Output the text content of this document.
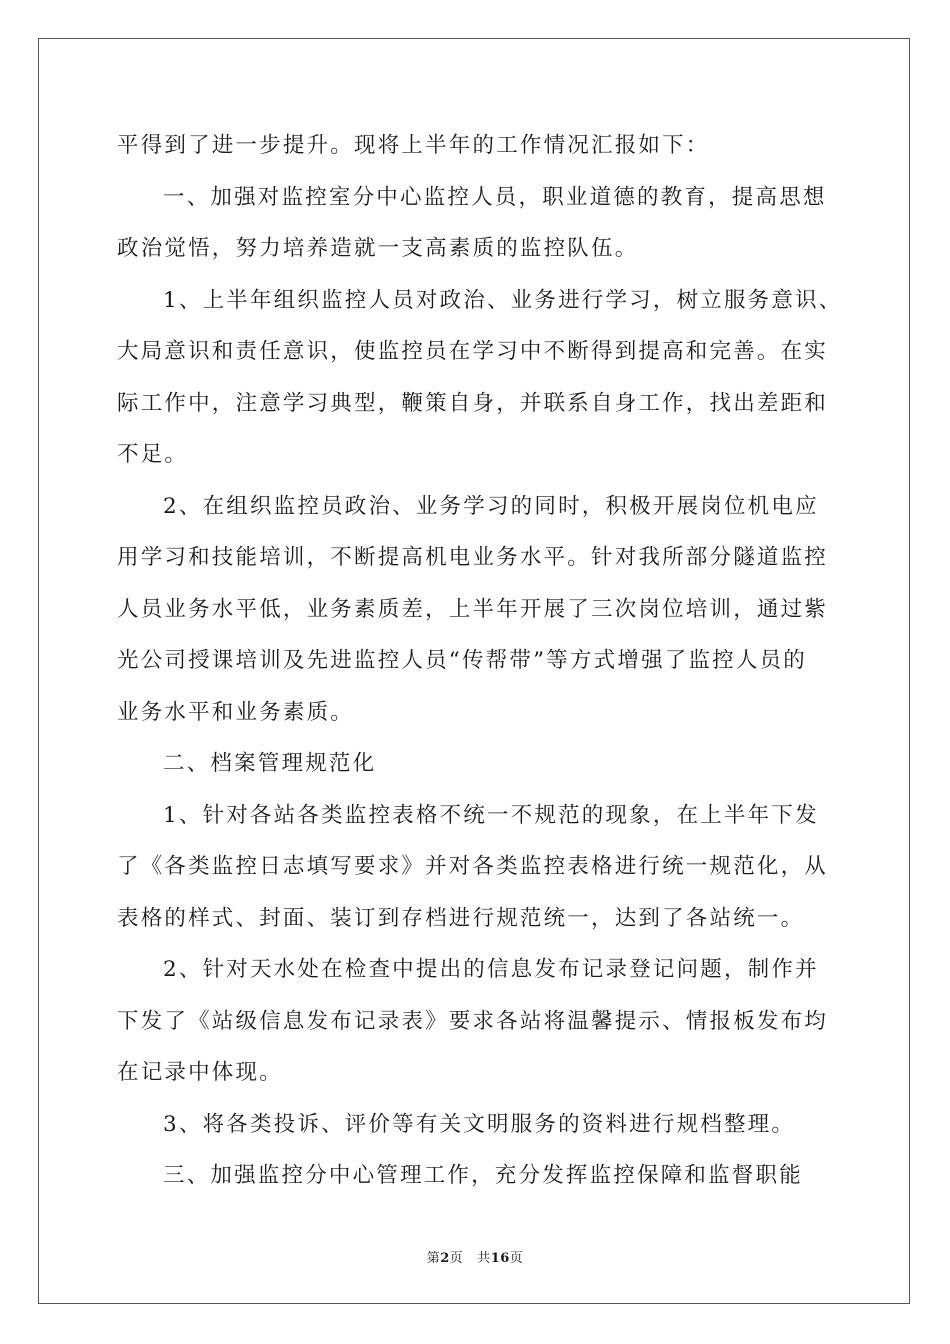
平得到了进一步提升。现将上半年的工作情况汇报如下：
一、加强对监控室分中心监控人员，职业道德的教育，提高思想
政治觉悟，努力培养造就一支高素质的监控队伍。
1、上半年组织监控人员对政治、业务进行学习，树立服务意识、
大局意识和责任意识，使监控员在学习中不断得到提高和完善。在实
际工作中，注意学习典型，鞭策自身，并联系自身工作，找出差距和
不足。
2、在组织监控员政治、业务学习的同时，积极开展岗位机电应
用学习和技能培训，不断提高机电业务水平。针对我所部分隧道监控
人员业务水平低，业务素质差，上半年开展了三次岗位培训，通过紫
光公司授课培训及先进监控人员“传帮带”等方式增强了监控人员的
业务水平和业务素质。
二、档案管理规范化
1、针对各站各类监控表格不统一不规范的现象，在上半年下发
了《各类监控日志填写要求》并对各类监控表格进行统一规范化，从
表格的样式、封面、装订到存档进行规范统一，达到了各站统一。
2、针对天水处在检查中提出的信息发布记录登记问题，制作并
下发了《站级信息发布记录表》要求各站将温馨提示、情报板发布均
在记录中体现。
3、将各类投诉、评价等有关文明服务的资料进行规档整理。
三、加强监控分中心管理工作，充分发挥监控保障和监督职能
第2页 共16页
